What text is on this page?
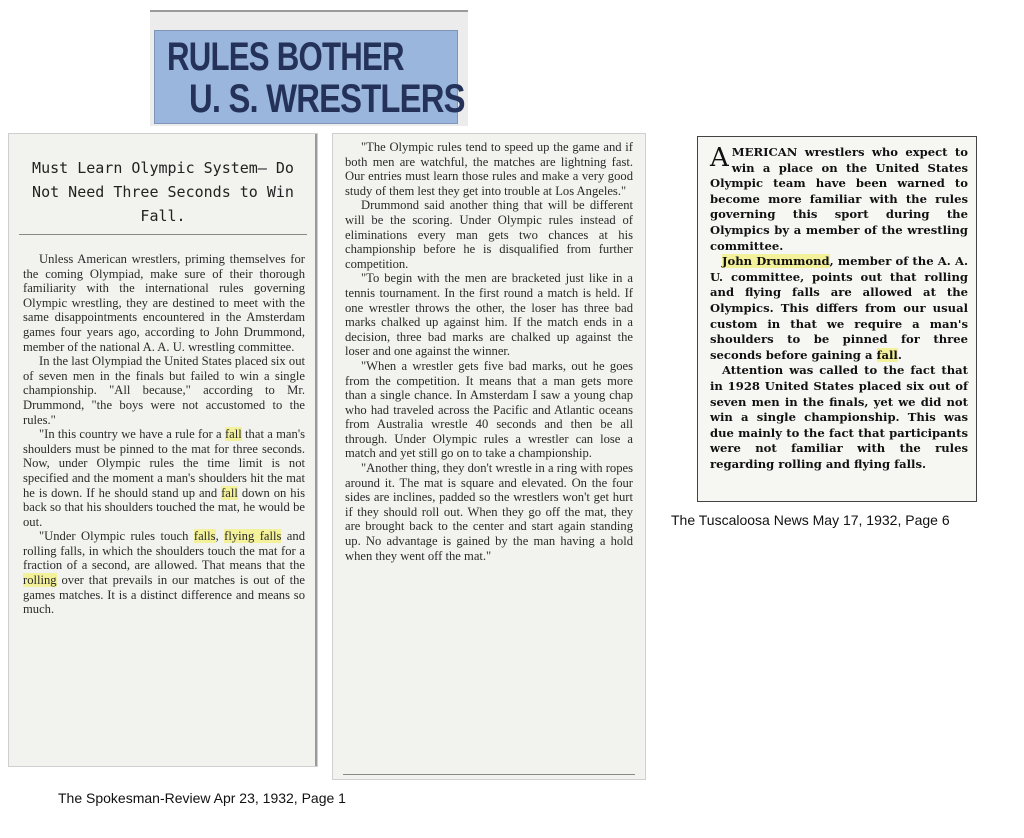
RULES BOTHER
U. S. WRESTLERS
Must Learn Olympic System— Do Not Need Three Seconds to Win Fall.

Unless American wrestlers, priming themselves for the coming Olympiad, make sure of their thorough familiarity with the international rules governing Olympic wrestling, they are destined to meet with the same disappointments encountered in the Amsterdam games four years ago, according to John Drummond, member of the national A. A. U. wrestling committee.

In the last Olympiad the United States placed six out of seven men in the finals but failed to win a single championship. "All because," according to Mr. Drummond, "the boys were not accustomed to the rules."

"In this country we have a rule for a fall that a man's shoulders must be pinned to the mat for three seconds. Now, under Olympic rules the time limit is not specified and the moment a man's shoulders hit the mat he is down. If he should stand up and fall down on his back so that his shoulders touched the mat, he would be out.

"Under Olympic rules touch falls, flying falls and rolling falls, in which the shoulders touch the mat for a fraction of a second, are allowed. That means that the rolling over that prevails in our matches is out of the games matches. It is a distinct difference and means so much.

"The Olympic rules tend to speed up the game and if both men are watchful, the matches are lightning fast. Our entries must learn those rules and make a very good study of them lest they get into trouble at Los Angeles."

Drummond said another thing that will be different will be the scoring. Under Olympic rules instead of eliminations every man gets two chances at his championship before he is disqualified from further competition.

"To begin with the men are bracketed just like in a tennis tournament. In the first round a match is held. If one wrestler throws the other, the loser has three bad marks chalked up against him. If the match ends in a decision, three bad marks are chalked up against the loser and one against the winner.

"When a wrestler gets five bad marks, out he goes from the competition. It means that a man gets more than a single chance. In Amsterdam I saw a young chap who had traveled across the Pacific and Atlantic oceans from Australia wrestle 40 seconds and then be all through. Under Olympic rules a wrestler can lose a match and yet still go on to take a championship.

"Another thing, they don't wrestle in a ring with ropes around it. The mat is square and elevated. On the four sides are inclines, padded so the wrestlers won't get hurt if they should roll out. When they go off the mat, they are brought back to the center and start again standing up. No advantage is gained by the man having a hold when they went off the mat."

AMERICAN wrestlers who expect to win a place on the United States Olympic team have been warned to become more familiar with the rules governing this sport during the Olympics by a member of the wrestling committee.

John Drummond, member of the A. A. U. committee, points out that rolling and flying falls are allowed at the Olympics. This differs from our usual custom in that we require a man's shoulders to be pinned for three seconds before gaining a fall.

Attention was called to the fact that in 1928 United States placed six out of seven men in the finals, yet we did not win a single championship. This was due mainly to the fact that participants were not familiar with the rules regarding rolling and flying falls.

The Spokesman-Review Apr 23, 1932, Page 1
The Tuscaloosa News May 17, 1932, Page 6
